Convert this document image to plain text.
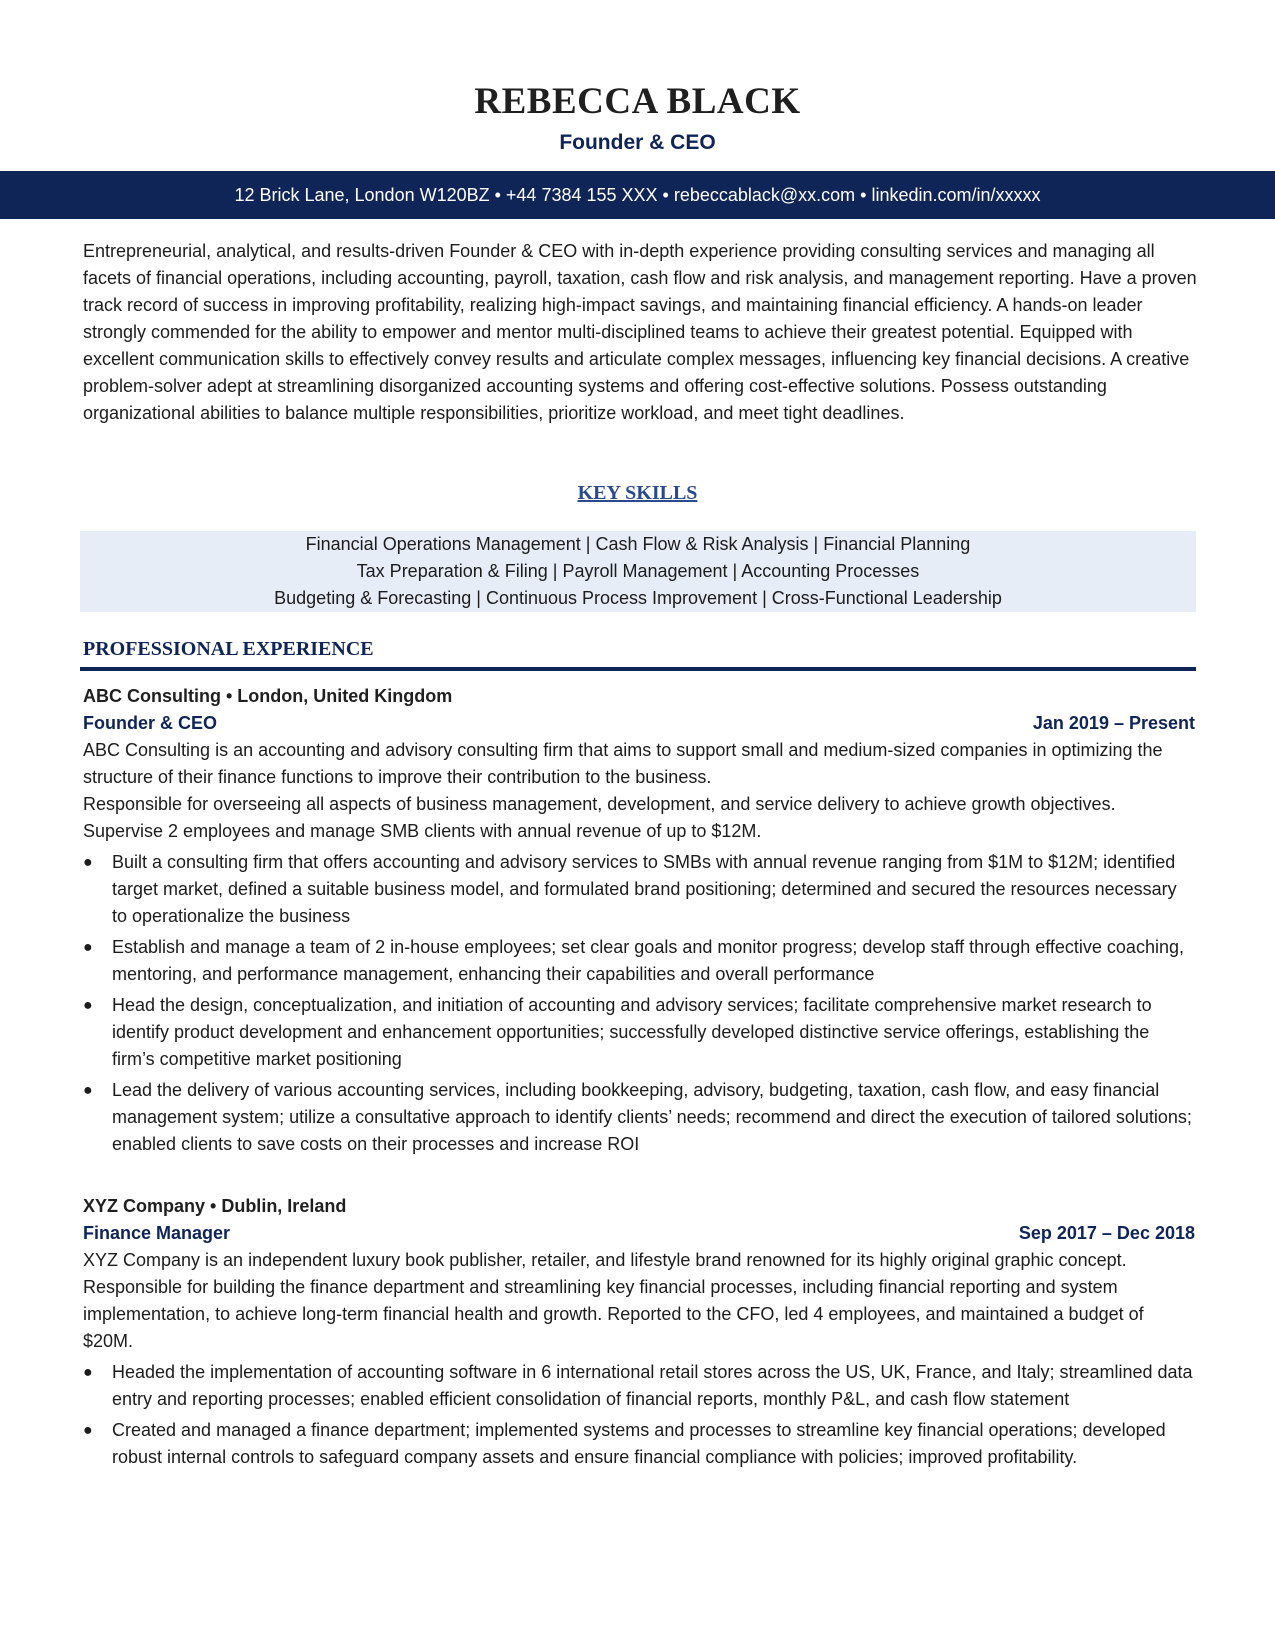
REBECCA BLACK
Founder & CEO
12 Brick Lane, London W120BZ • +44 7384 155 XXX • rebeccablack@xx.com • linkedin.com/in/xxxxx

Entrepreneurial, analytical, and results-driven Founder & CEO with in-depth experience providing consulting services and managing all facets of financial operations, including accounting, payroll, taxation, cash flow and risk analysis, and management reporting. Have a proven track record of success in improving profitability, realizing high-impact savings, and maintaining financial efficiency. A hands-on leader strongly commended for the ability to empower and mentor multi-disciplined teams to achieve their greatest potential. Equipped with excellent communication skills to effectively convey results and articulate complex messages, influencing key financial decisions. A creative problem-solver adept at streamlining disorganized accounting systems and offering cost-effective solutions. Possess outstanding organizational abilities to balance multiple responsibilities, prioritize workload, and meet tight deadlines.

KEY SKILLS
Financial Operations Management | Cash Flow & Risk Analysis | Financial Planning
Tax Preparation & Filing | Payroll Management | Accounting Processes
Budgeting & Forecasting | Continuous Process Improvement | Cross-Functional Leadership
PROFESSIONAL EXPERIENCE
ABC Consulting • London, United Kingdom
Founder & CEO	Jan 2019 – Present

ABC Consulting is an accounting and advisory consulting firm that aims to support small and medium-sized companies in optimizing the structure of their finance functions to improve their contribution to the business.

Responsible for overseeing all aspects of business management, development, and service delivery to achieve growth objectives. Supervise 2 employees and manage SMB clients with annual revenue of up to $12M.

● Built a consulting firm that offers accounting and advisory services to SMBs with annual revenue ranging from $1M to $12M; identified target market, defined a suitable business model, and formulated brand positioning; determined and secured the resources necessary to operationalize the business
● Establish and manage a team of 2 in-house employees; set clear goals and monitor progress; develop staff through effective coaching, mentoring, and performance management, enhancing their capabilities and overall performance
● Head the design, conceptualization, and initiation of accounting and advisory services; facilitate comprehensive market research to identify product development and enhancement opportunities; successfully developed distinctive service offerings, establishing the firm’s competitive market positioning
● Lead the delivery of various accounting services, including bookkeeping, advisory, budgeting, taxation, cash flow, and easy financial management system; utilize a consultative approach to identify clients’ needs; recommend and direct the execution of tailored solutions; enabled clients to save costs on their processes and increase ROI
XYZ Company • Dublin, Ireland
Finance Manager	Sep 2017 – Dec 2018

XYZ Company is an independent luxury book publisher, retailer, and lifestyle brand renowned for its highly original graphic concept. Responsible for building the finance department and streamlining key financial processes, including financial reporting and system implementation, to achieve long-term financial health and growth. Reported to the CFO, led 4 employees, and maintained a budget of $20M.

● Headed the implementation of accounting software in 6 international retail stores across the US, UK, France, and Italy; streamlined data entry and reporting processes; enabled efficient consolidation of financial reports, monthly P&L, and cash flow statement
● Created and managed a finance department; implemented systems and processes to streamline key financial operations; developed robust internal controls to safeguard company assets and ensure financial compliance with policies; improved profitability.
